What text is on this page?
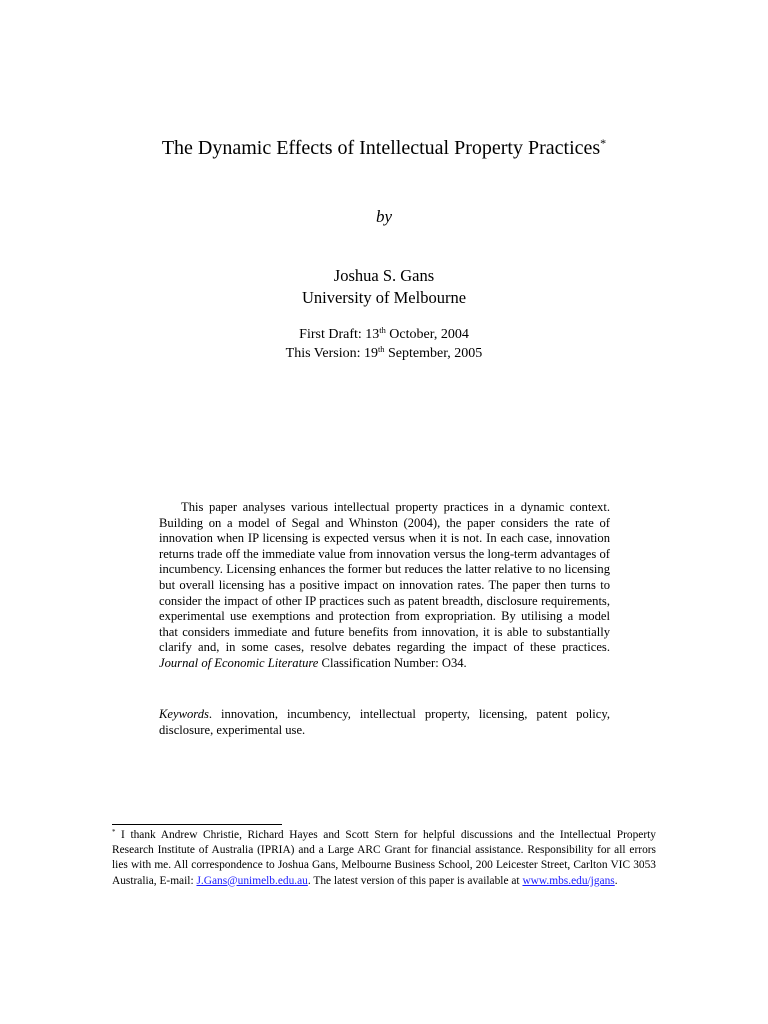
The Dynamic Effects of Intellectual Property Practices*
by
Joshua S. Gans
University of Melbourne
First Draft: 13th October, 2004
This Version: 19th September, 2005

This paper analyses various intellectual property practices in a dynamic context. Building on a model of Segal and Whinston (2004), the paper considers the rate of innovation when IP licensing is expected versus when it is not. In each case, innovation returns trade off the immediate value from innovation versus the long-term advantages of incumbency. Licensing enhances the former but reduces the latter relative to no licensing but overall licensing has a positive impact on innovation rates. The paper then turns to consider the impact of other IP practices such as patent breadth, disclosure requirements, experimental use exemptions and protection from expropriation. By utilising a model that considers immediate and future benefits from innovation, it is able to substantially clarify and, in some cases, resolve debates regarding the impact of these practices. Journal of Economic Literature Classification Number: O34.

Keywords. innovation, incumbency, intellectual property, licensing, patent policy, disclosure, experimental use.

* I thank Andrew Christie, Richard Hayes and Scott Stern for helpful discussions and the Intellectual Property Research Institute of Australia (IPRIA) and a Large ARC Grant for financial assistance. Responsibility for all errors lies with me. All correspondence to Joshua Gans, Melbourne Business School, 200 Leicester Street, Carlton VIC 3053 Australia, E-mail: J.Gans@unimelb.edu.au. The latest version of this paper is available at www.mbs.edu/jgans.
